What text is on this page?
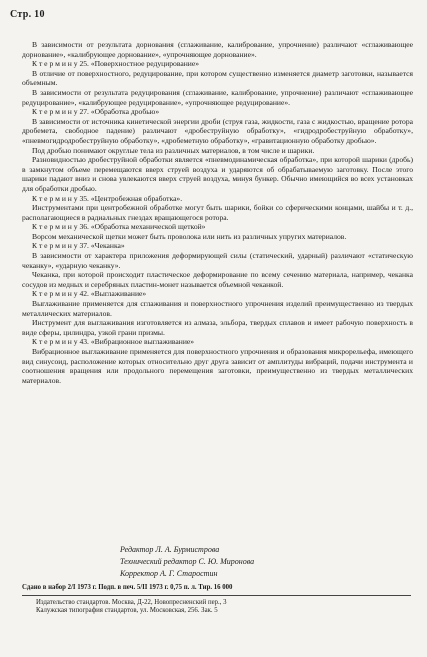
Стр. 10

В зависимости от результата дорнования (сглаживание, калибрование, упрочнение) различают «сглаживающее дорнование», «калибрующее дорнование», «упрочняющее дорнование».

К т е р м и н у 25. «Поверхностное редуцирование»

В отличие от поверхностного, редуцирование, при котором существенно изменяется диаметр заготовки, называется объемным.

В зависимости от результата редуцирования (сглаживание, калибрование, упрочнение) различают «сглаживающее редуцирование», «калибрующее редуцирование», «упрочняющее редуцирование».

К т е р м и н у 27. «Обработка дробью»

В зависимости от источника кинетической энергии дроби (струя газа, жидкости, газа с жидкостью, вращение ротора дробемета, свободное падение) различают «дробеструйную обработку», «гидродробеструйную обработку», «пневмогидродробеструйную обработку», «дробеметную обработку», «гравитационную обработку дробью».

Под дробью понимают округлые тела из различных материалов, в том числе и шарики.

Разновидностью дробеструйной обработки является «пневмодинамическая обработка», при которой шарики (дробь) в замкнутом объеме перемещаются вверх струей воздуха и ударяются об обрабатываемую заготовку. После этого шарики падают вниз и снова увлекаются вверх струей воздуха, минуя бункер. Обычно имеющийся во всех установках для обработки дробью.

К т е р м и н у 35. «Центробежная обработка».

Инструментами при центробежной обработке могут быть шарики, бойки со сферическими концами, шайбы и т. д., располагающиеся в радиальных гнездах вращающегося ротора.

К т е р м и н у 36. «Обработка механической щеткой»

Ворсом механической щетки может быть проволока или нить из различных упругих материалов.

К т е р м и н у 37. «Чеканка»

В зависимости от характера приложения деформирующей силы (статический, ударный) различают «статическую чеканку», «ударную чеканку».

Чеканка, при которой происходит пластическое деформирование по всему сечению материала, например, чеканка сосудов из медных и серебряных пластин-монет называется объемной чеканкой.

К т е р м и н у 42. «Выглаживание»

Выглаживание применяется для сглаживания и поверхностного упрочнения изделий преимущественно из твердых металлических материалов.

Инструмент для выглаживания изготовляется из алмаза, эльбора, твердых сплавов и имеет рабочую поверхность в виде сферы, цилиндра, узкой грани призмы.

К т е р м и н у 43. «Вибрационное выглаживание»

Вибрационное выглаживание применяется для поверхностного упрочнения и образования микрорельефа, имеющего вид синусоид, расположение которых относительно друг друга зависит от амплитуды вибраций, подачи инструмента и соотношения вращения или продольного перемещения заготовки, преимущественно из твердых металлических материалов.

Редактор Л. А. Бурмистрова
Технический редактор С. Ю. Миронова
Корректор А. Г. Старостин
Сдано в набор 2/I 1973 г. Подп. в печ. 5/II 1973 г. 0,75 п. л. Тир. 16 000
Издательство стандартов. Москва, Д-22, Новопресненский пер., 3
Калужская типография стандартов, ул. Московская, 256. Зак. 5
